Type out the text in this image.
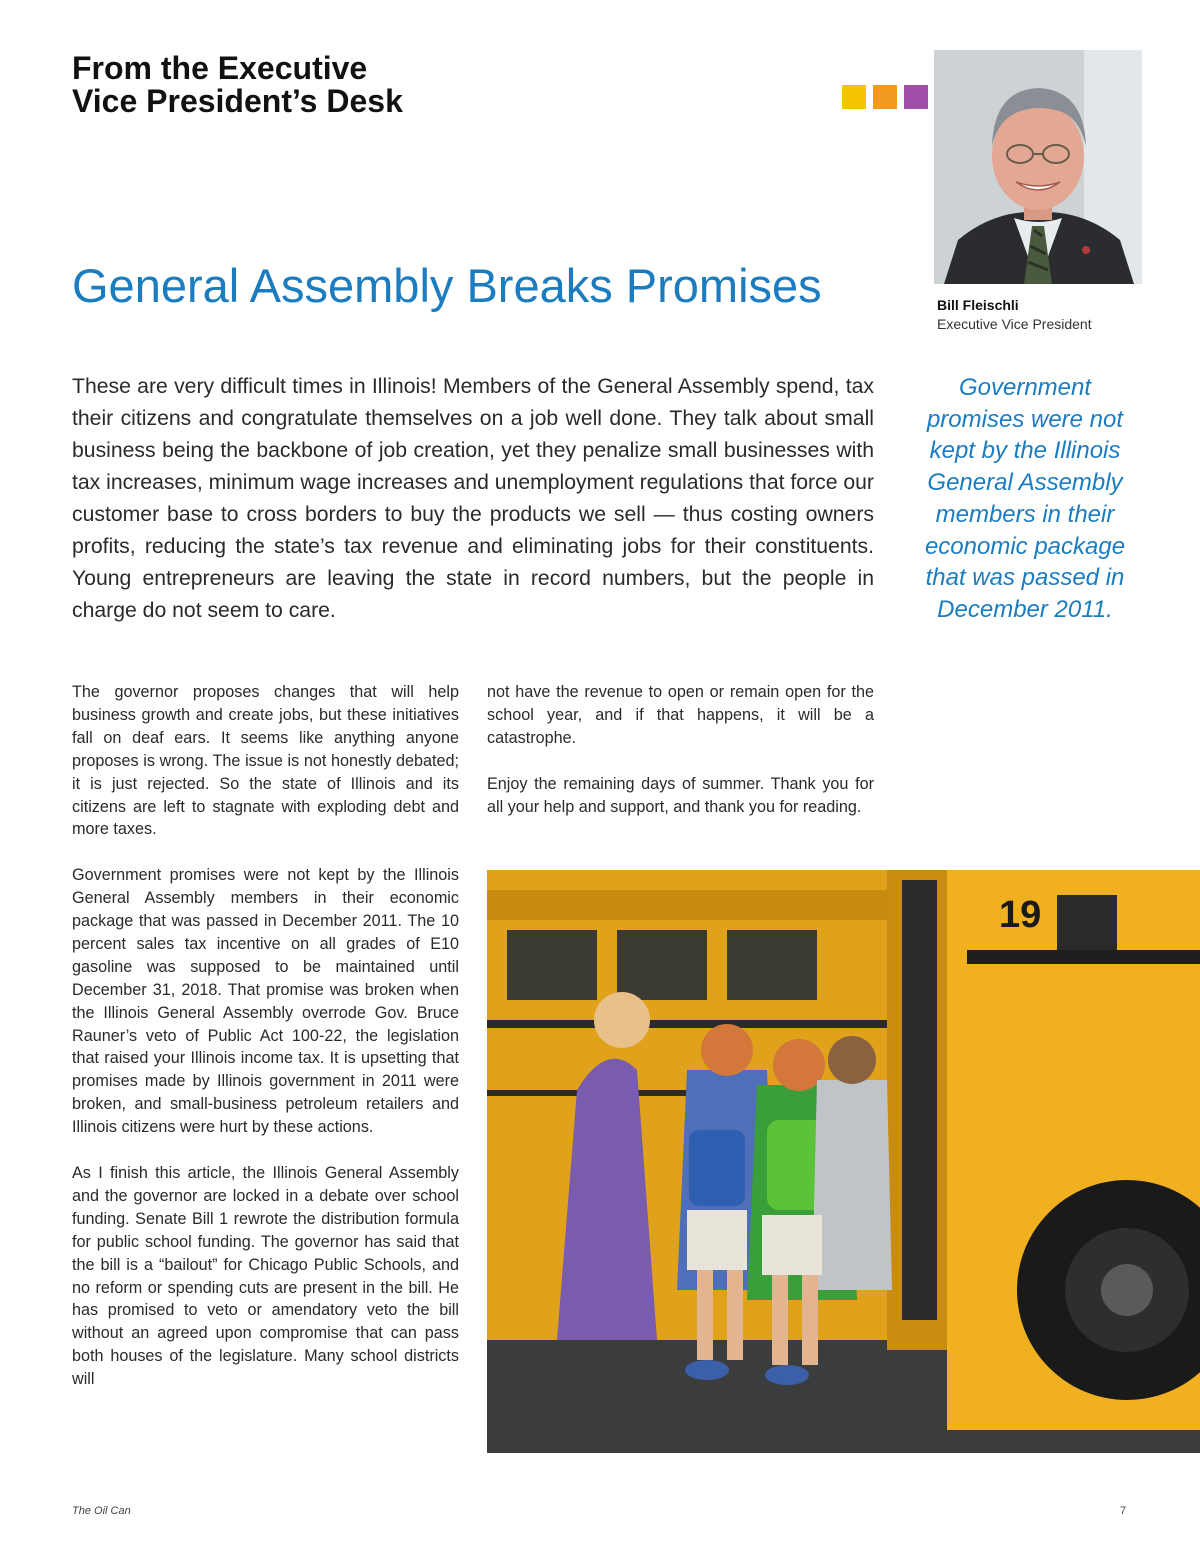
From the Executive
Vice President’s Desk
General Assembly Breaks Promises	Bill Fleischli
Executive Vice President

These are very difficult times in Illinois! Members of the General Assembly spend, tax their citizens and congratulate themselves on a job well done. They talk about small business being the backbone of job creation, yet they penalize small businesses with tax increases, minimum wage increases and unemployment regulations that force our customer base to cross borders to buy the products we sell — thus costing owners profits, reducing the state’s tax revenue and eliminating jobs for their constituents. Young entrepreneurs are leaving the state in record numbers, but the people in charge do not seem to care.

Government promises were not kept by the Illinois General Assembly members in their economic package that was passed in December 2011.

The governor proposes changes that will help business growth and create jobs, but these initiatives fall on deaf ears. It seems like anything anyone proposes is wrong. The issue is not honestly debated; it is just rejected. So the state of Illinois and its citizens are left to stagnate with exploding debt and more taxes.

Government promises were not kept by the Illinois General Assembly members in their economic package that was passed in December 2011. The 10 percent sales tax incentive on all grades of E10 gasoline was supposed to be maintained until December 31, 2018. That promise was broken when the Illinois General Assembly overrode Gov. Bruce Rauner’s veto of Public Act 100-22, the legislation that raised your Illinois income tax. It is upsetting that promises made by Illinois government in 2011 were broken, and small-business petroleum retailers and Illinois citizens were hurt by these actions.

As I finish this article, the Illinois General Assembly and the governor are locked in a debate over school funding. Senate Bill 1 rewrote the distribution formula for public school funding. The governor has said that the bill is a “bailout” for Chicago Public Schools, and no reform or spending cuts are present in the bill. He has promised to veto or amendatory veto the bill without an agreed upon compromise that can pass both houses of the legislature. Many school districts will

not have the revenue to open or remain open for the school year, and if that happens, it will be a catastrophe.

Enjoy the remaining days of summer. Thank you for all your help and support, and thank you for reading.

19
The Oil Can	7
